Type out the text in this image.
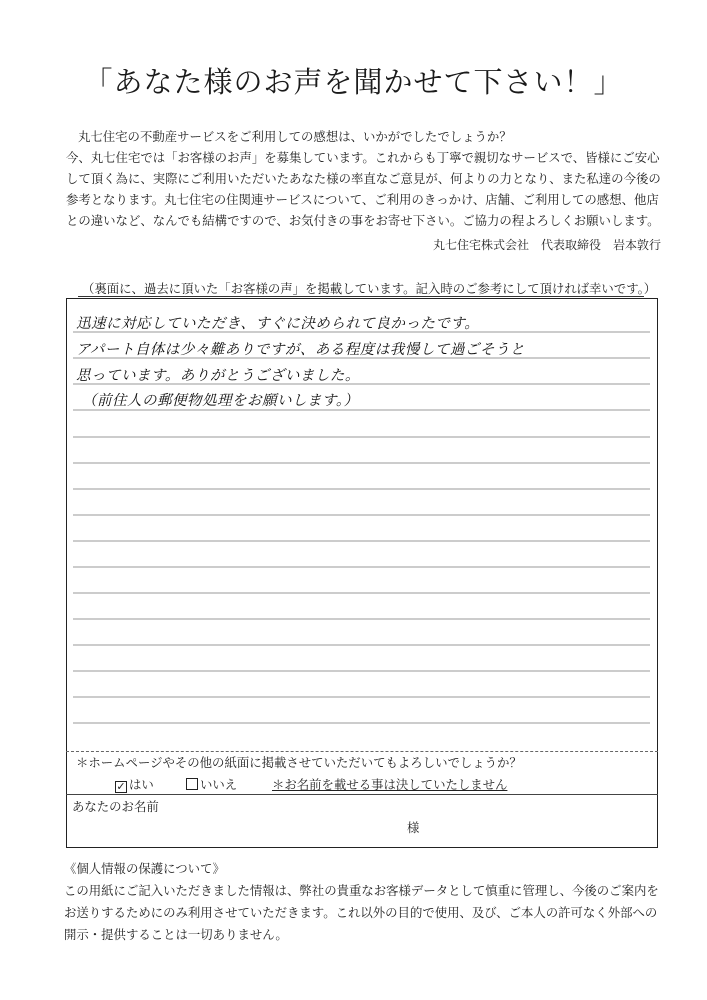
「あなた様のお声を聞かせて下さい！」

丸七住宅の不動産サービスをご利用しての感想は、いかがでしたでしょうか？

今、丸七住宅では「お客様のお声」を募集しています。これからも丁寧で親切なサービスで、皆様にご安心

して頂く為に、実際にご利用いただいたあなた様の率直なご意見が、何よりの力となり、また私達の今後の

参考となります。丸七住宅の住関連サービスについて、ご利用のきっかけ、店舗、ご利用しての感想、他店

との違いなど、なんでも結構ですので、お気付きの事をお寄せ下さい。ご協力の程よろしくお願いします。

丸七住宅株式会社　代表取締役　岩本敦行
（裏面に、過去に頂いた「お客様の声」を掲載しています。記入時のご参考にして頂ければ幸いです。）
迅速に対応していただき、すぐに決められて良かったです。
アパート自体は少々難ありですが、ある程度は我慢して過ごそうと
思っています。ありがとうございました。
（前住人の郵便物処理をお願いします。）
＊ホームページやその他の紙面に掲載させていただいてもよろしいでしょうか？
✓ はい	いいえ	＊お名前を載せる事は決していたしません
あなたのお名前
様

《個人情報の保護について》

この用紙にご記入いただきました情報は、弊社の貴重なお客様データとして慎重に管理し、今後のご案内を

お送りするためにのみ利用させていただきます。これ以外の目的で使用、及び、ご本人の許可なく外部への

開示・提供することは一切ありません。
